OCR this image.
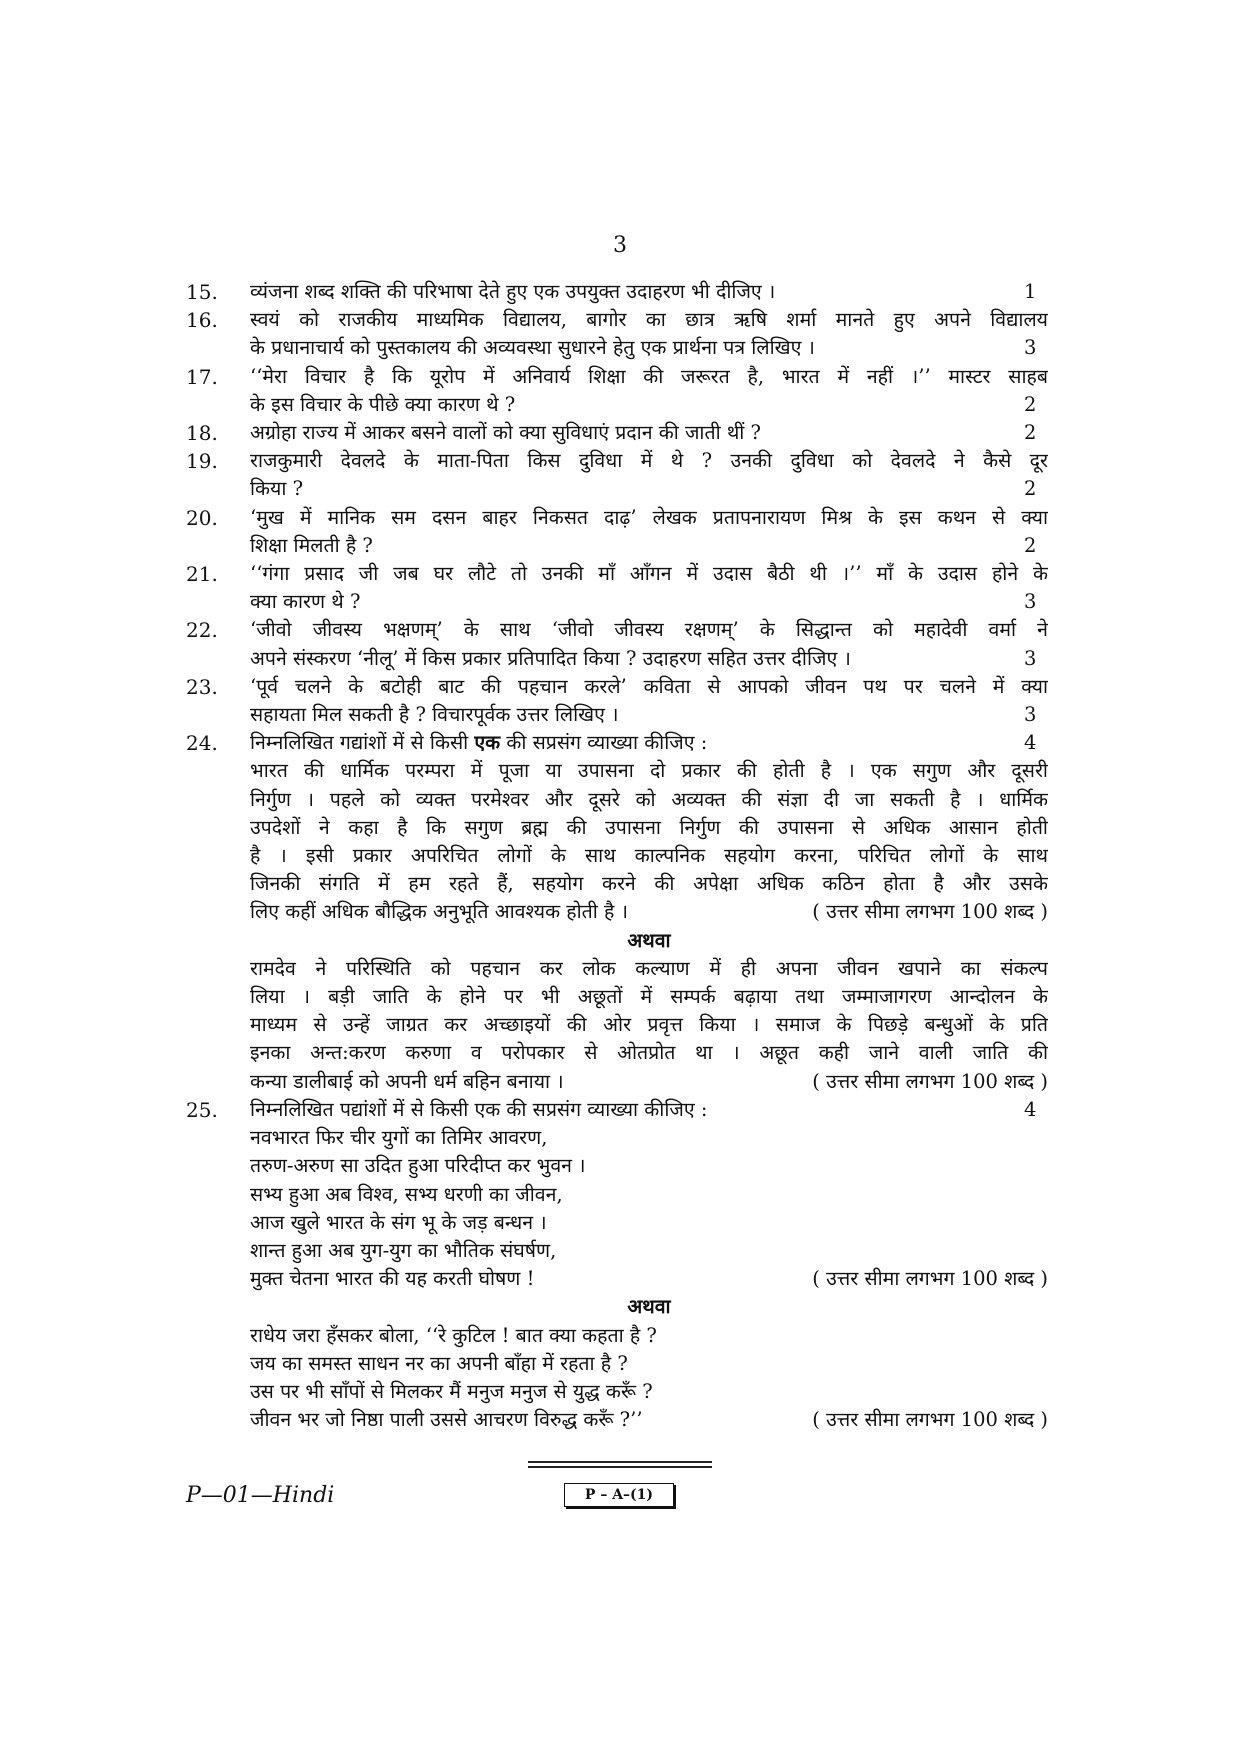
3
15.	व्यंजना शब्द शक्ति की परिभाषा देते हुए एक उपयुक्त उदाहरण भी दीजिए ।	1
16.	स्वयं को राजकीय माध्यमिक विद्यालय, बागोर का छात्र ऋषि शर्मा मानते हुए अपने विद्यालय
के प्रधानाचार्य को पुस्तकालय की अव्यवस्था सुधारने हेतु एक प्रार्थना पत्र लिखिए ।	3
17.	‘‘मेरा विचार है कि यूरोप में अनिवार्य शिक्षा की जरूरत है, भारत में नहीं ।’’ मास्टर साहब
के इस विचार के पीछे क्या कारण थे ?	2
18.	अग्रोहा राज्य में आकर बसने वालों को क्या सुविधाएं प्रदान की जाती थीं ?	2
19.	राजकुमारी देवलदे के माता-पिता किस दुविधा में थे ? उनकी दुविधा को देवलदे ने कैसे दूर
किया ?	2
20.	‘मुख में मानिक सम दसन बाहर निकसत दाढ़’ लेखक प्रतापनारायण मिश्र के इस कथन से क्या
शिक्षा मिलती है ?	2
21.	‘‘गंगा प्रसाद जी जब घर लौटे तो उनकी माँ आँगन में उदास बैठी थी ।’’ माँ के उदास होने के
क्या कारण थे ?	3
22.	‘जीवो जीवस्य भक्षणम्’ के साथ ‘जीवो जीवस्य रक्षणम्’ के सिद्धान्त को महादेवी वर्मा ने
अपने संस्करण ‘नीलू’ में किस प्रकार प्रतिपादित किया ? उदाहरण सहित उत्तर दीजिए ।	3
23.	‘पूर्व चलने के बटोही बाट की पहचान करले’ कविता से आपको जीवन पथ पर चलने में क्या
सहायता मिल सकती है ? विचारपूर्वक उत्तर लिखिए ।	3
24.	निम्नलिखित गद्यांशों में से किसी एक की सप्रसंग व्याख्या कीजिए :	4
भारत की धार्मिक परम्परा में पूजा या उपासना दो प्रकार की होती है । एक सगुण और दूसरी
निर्गुण । पहले को व्यक्त परमेश्वर और दूसरे को अव्यक्त की संज्ञा दी जा सकती है । धार्मिक
उपदेशों ने कहा है कि सगुण ब्रह्म की उपासना निर्गुण की उपासना से अधिक आसान होती
है । इसी प्रकार अपरिचित लोगों के साथ काल्पनिक सहयोग करना, परिचित लोगों के साथ
जिनकी संगति में हम रहते हैं, सहयोग करने की अपेक्षा अधिक कठिन होता है और उसके
लिए कहीं अधिक बौद्धिक अनुभूति आवश्यक होती है ।	( उत्तर सीमा लगभग 100 शब्द )
अथवा
रामदेव ने परिस्थिति को पहचान कर लोक कल्याण में ही अपना जीवन खपाने का संकल्प
लिया । बड़ी जाति के होने पर भी अछूतों में सम्पर्क बढ़ाया तथा जम्माजागरण आन्दोलन के
माध्यम से उन्हें जाग्रत कर अच्छाइयों की ओर प्रवृत्त किया । समाज के पिछड़े बन्धुओं के प्रति
इनका अन्त:करण करुणा व परोपकार से ओतप्रोत था । अछूत कही जाने वाली जाति की
कन्या डालीबाई को अपनी धर्म बहिन बनाया ।	( उत्तर सीमा लगभग 100 शब्द )
25.	निम्नलिखित पद्यांशों में से किसी एक की सप्रसंग व्याख्या कीजिए :	4
नवभारत फिर चीर युगों का तिमिर आवरण,
तरुण-अरुण सा उदित हुआ परिदीप्त कर भुवन ।
सभ्य हुआ अब विश्व, सभ्य धरणी का जीवन,
आज खुले भारत के संग भू के जड़ बन्धन ।
शान्त हुआ अब युग-युग का भौतिक संघर्षण,
मुक्त चेतना भारत की यह करती घोषण !	( उत्तर सीमा लगभग 100 शब्द )
अथवा
राधेय जरा हँसकर बोला, ‘‘रे कुटिल ! बात क्या कहता है ?
जय का समस्त साधन नर का अपनी बाँहा में रहता है ?
उस पर भी साँपों से मिलकर मैं मनुज मनुज से युद्ध करूँ ?
जीवन भर जो निष्ठा पाली उससे आचरण विरुद्ध करूँ ?’’	( उत्तर सीमा लगभग 100 शब्द )
P—01—Hindi	P – A–(1)
